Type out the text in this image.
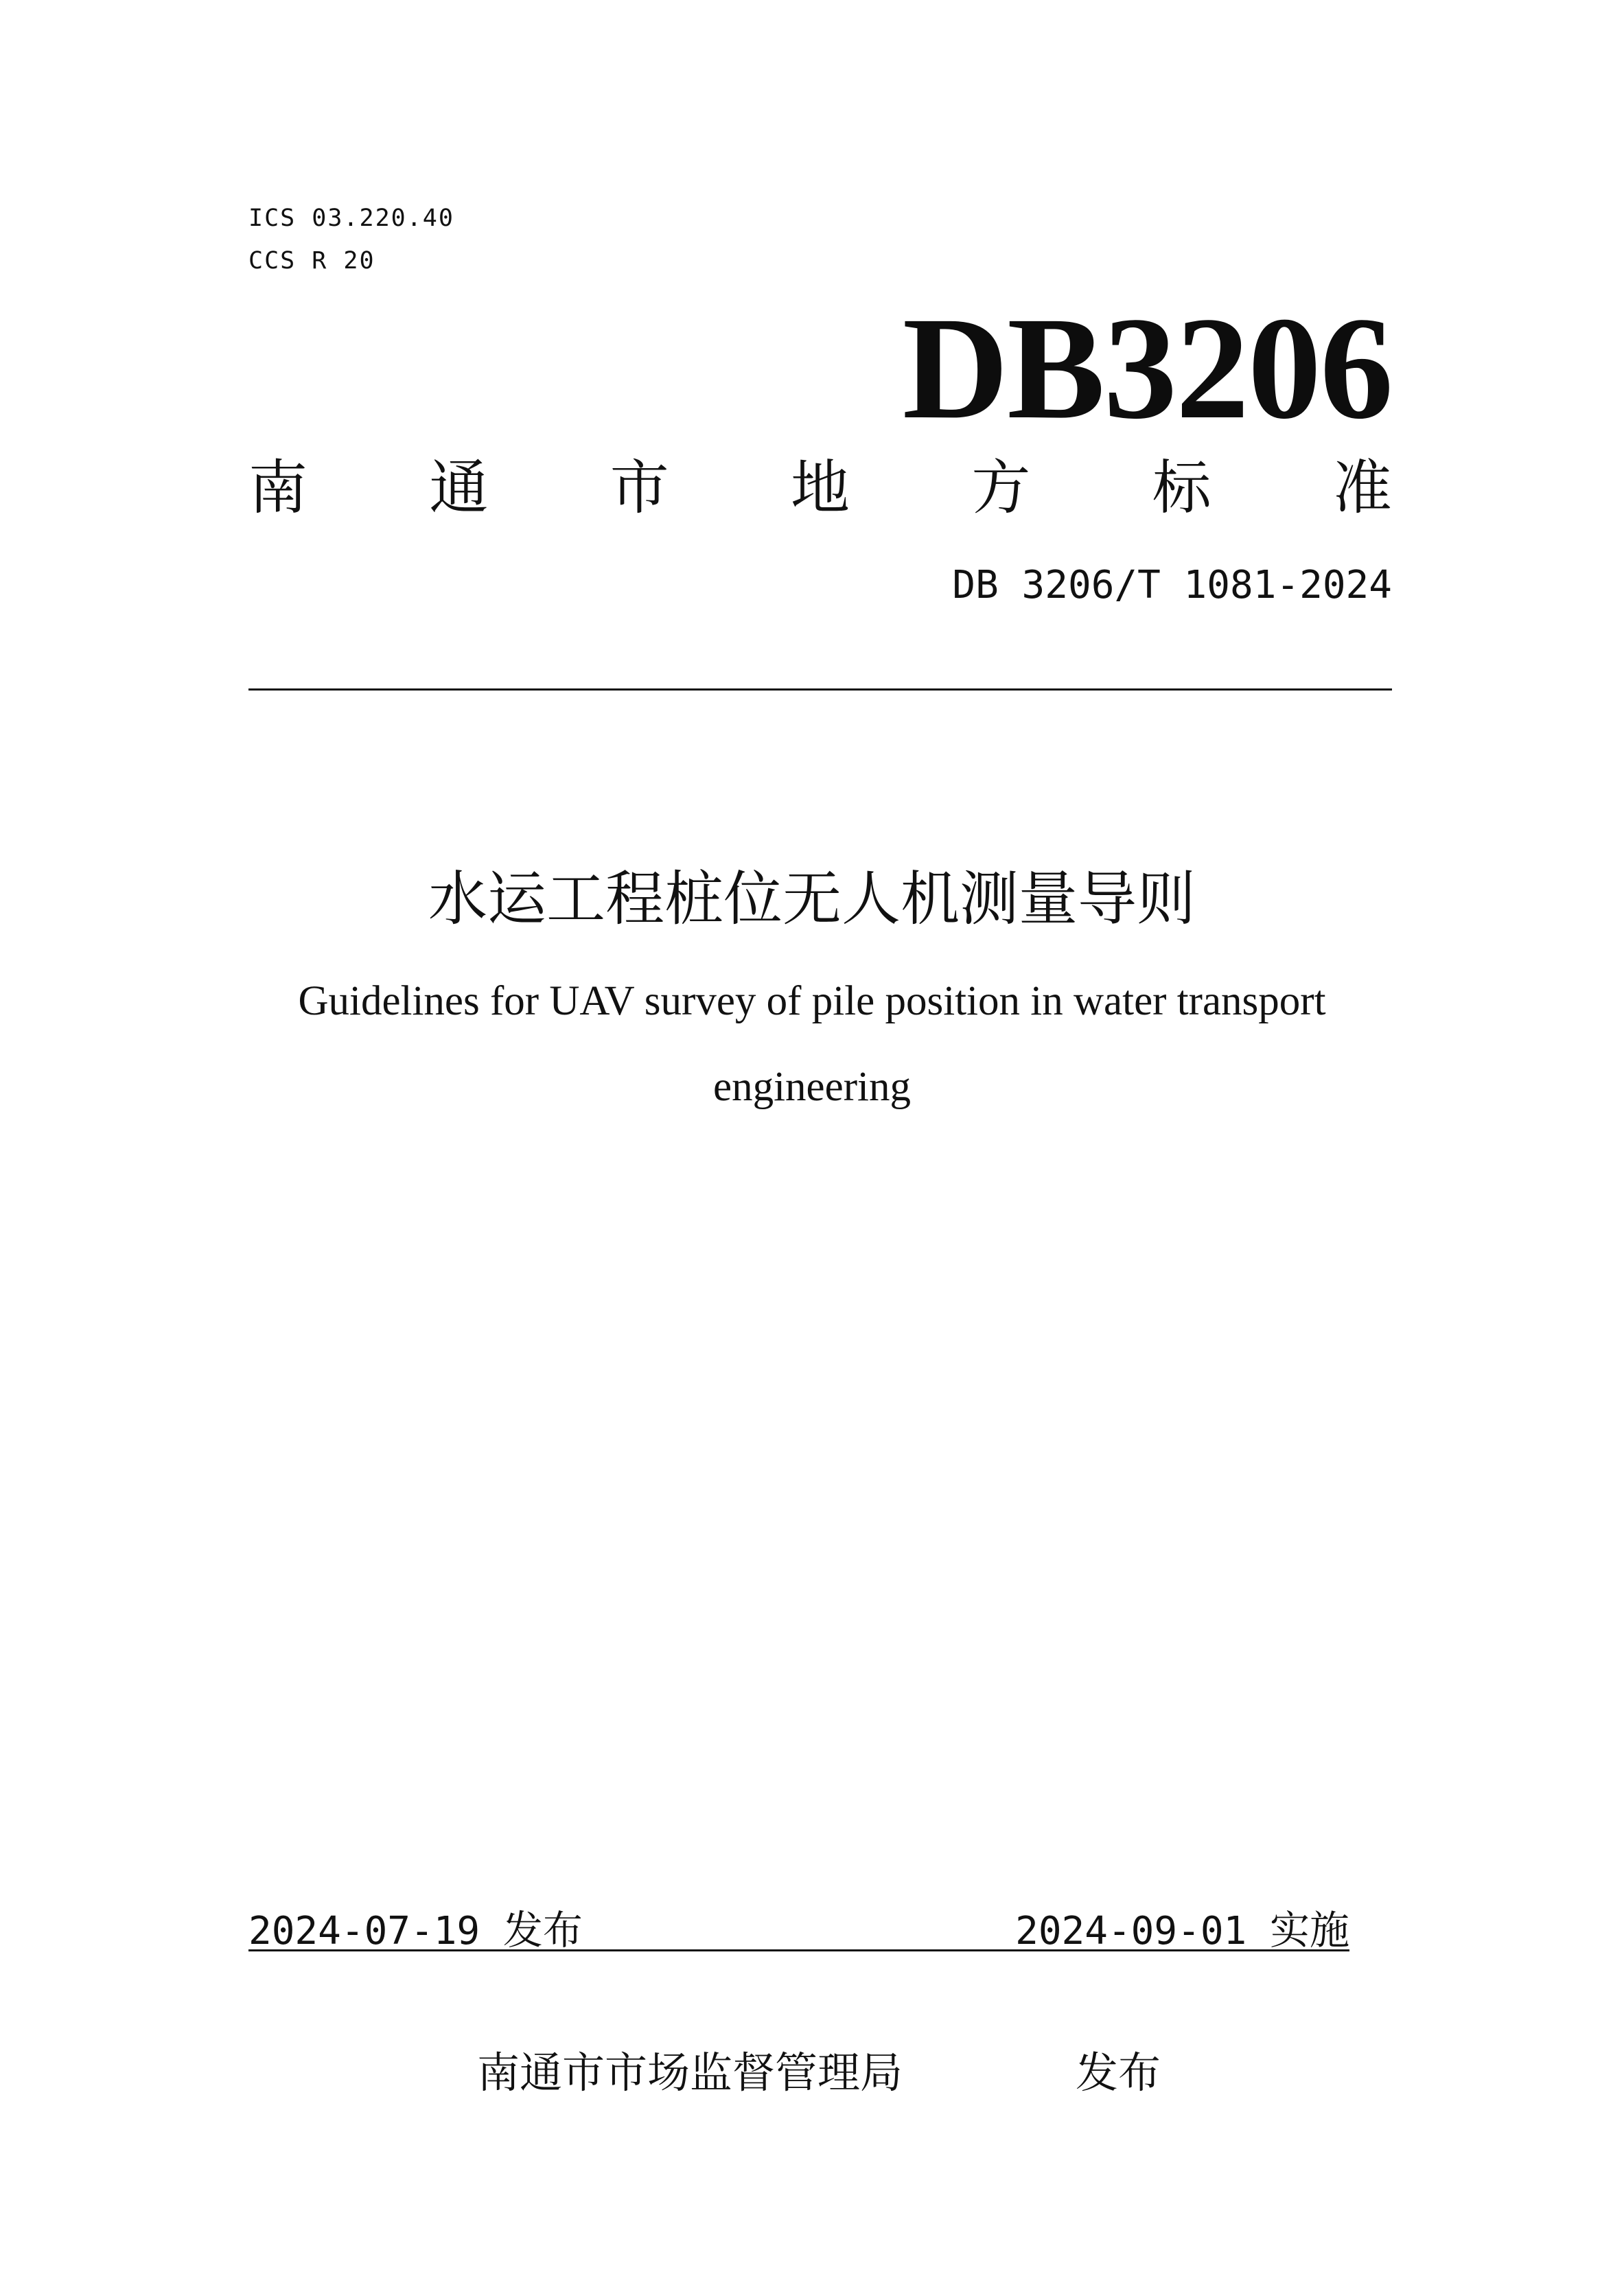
ICS 03.220.40
CCS R 20
DB3206
南 通 市 地 方 标 准
DB 3206/T 1081-2024
水运工程桩位无人机测量导则
Guidelines for UAV survey of pile position in water transport engineering
2024-07-19 发布	2024-09-01 实施
南通市市场监督管理局	发布
